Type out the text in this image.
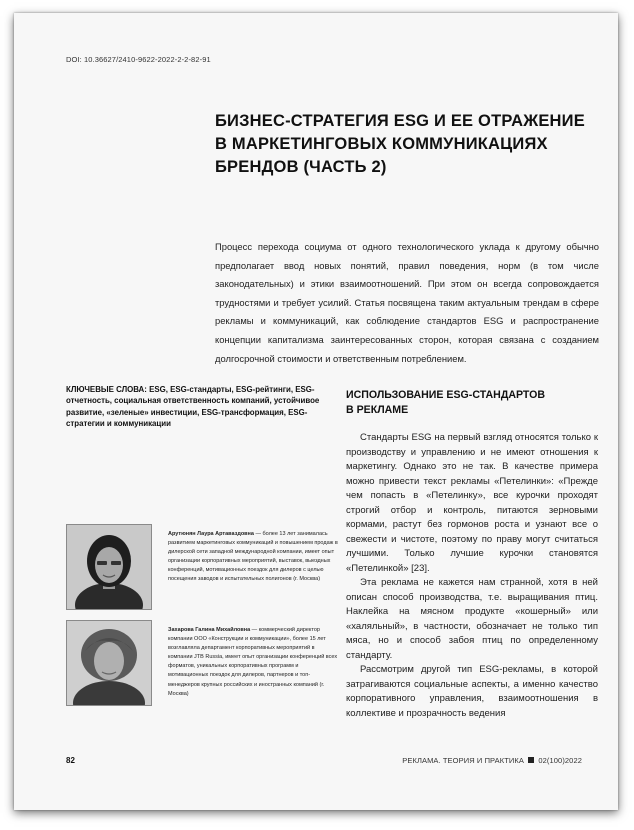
DOI: 10.36627/2410-9622-2022-2-2-82-91
БИЗНЕС-СТРАТЕГИЯ ESG И ЕЕ ОТРАЖЕНИЕ
В МАРКЕТИНГОВЫХ КОММУНИКАЦИЯХ
БРЕНДОВ (ЧАСТЬ 2)
Процесс перехода социума от одного технологического уклада к другому обычно предполагает ввод новых понятий, правил поведения, норм (в том числе законодательных) и этики взаимоотношений. При этом он всегда сопровождается трудностями и требует усилий. Статья посвящена таким актуальным трендам в сфере рекламы и коммуникаций, как соблюдение стандартов ESG и распространение концепции капитализма заинтересованных сторон, которая связана с созданием долгосрочной стоимости и ответственным потреблением.
КЛЮЧЕВЫЕ СЛОВА: ESG, ESG-стандарты, ESG-рейтинги, ESG-отчетность, социальная ответственность компаний, устойчивое развитие, «зеленые» инвестиции, ESG-трансформация, ESG-стратегии и коммуникации
Арутюнян Лаура Артаваздовна — более 13 лет занималась развитием маркетинговых коммуникаций и повышением продаж в дилерской сети западной международной компании, имеет опыт организации корпоративных мероприятий, выставок, выездных конференций, мотивационных поездок для дилеров с целью посещения заводов и испытательных полигонов (г. Москва)
Захарова Галина Михайловна — коммерческий директор компании ООО «Конструкции и коммуникации», более 15 лет возглавляла департамент корпоративных мероприятий в компании JTB Russia, имеет опыт организации конференций всех форматов, уникальных корпоративных программ и мотивационных поездок для дилеров, партнеров и топ-менеджеров крупных российских и иностранных компаний (г. Москва)
ИСПОЛЬЗОВАНИЕ ESG-СТАНДАРТОВ
В РЕКЛАМЕ

Стандарты ESG на первый взгляд относятся только к производству и управлению и не имеют отношения к маркетингу. Однако это не так. В качестве примера можно привести текст рекламы «Петелинки»: «Прежде чем попасть в «Петелинку», все курочки проходят строгий отбор и контроль, питаются зерновыми кормами, растут без гормонов роста и узнают все о свежести и чистоте, поэтому по праву могут считаться лучшими. Только лучшие курочки становятся «Петелинкой» [23].

Эта реклама не кажется нам странной, хотя в ней описан способ производства, т.е. выращивания птиц. Наклейка на мясном продукте «кошерный» или «халяльный», в частности, обозначает не только тип мяса, но и способ забоя птиц по определенному стандарту.

Рассмотрим другой тип ESG-рекламы, в которой затрагиваются социальные аспекты, а именно качество корпоративного управления, взаимоотношения в коллективе и прозрачность ведения

82	РЕКЛАМА. ТЕОРИЯ И ПРАКТИКА 02(100)2022
